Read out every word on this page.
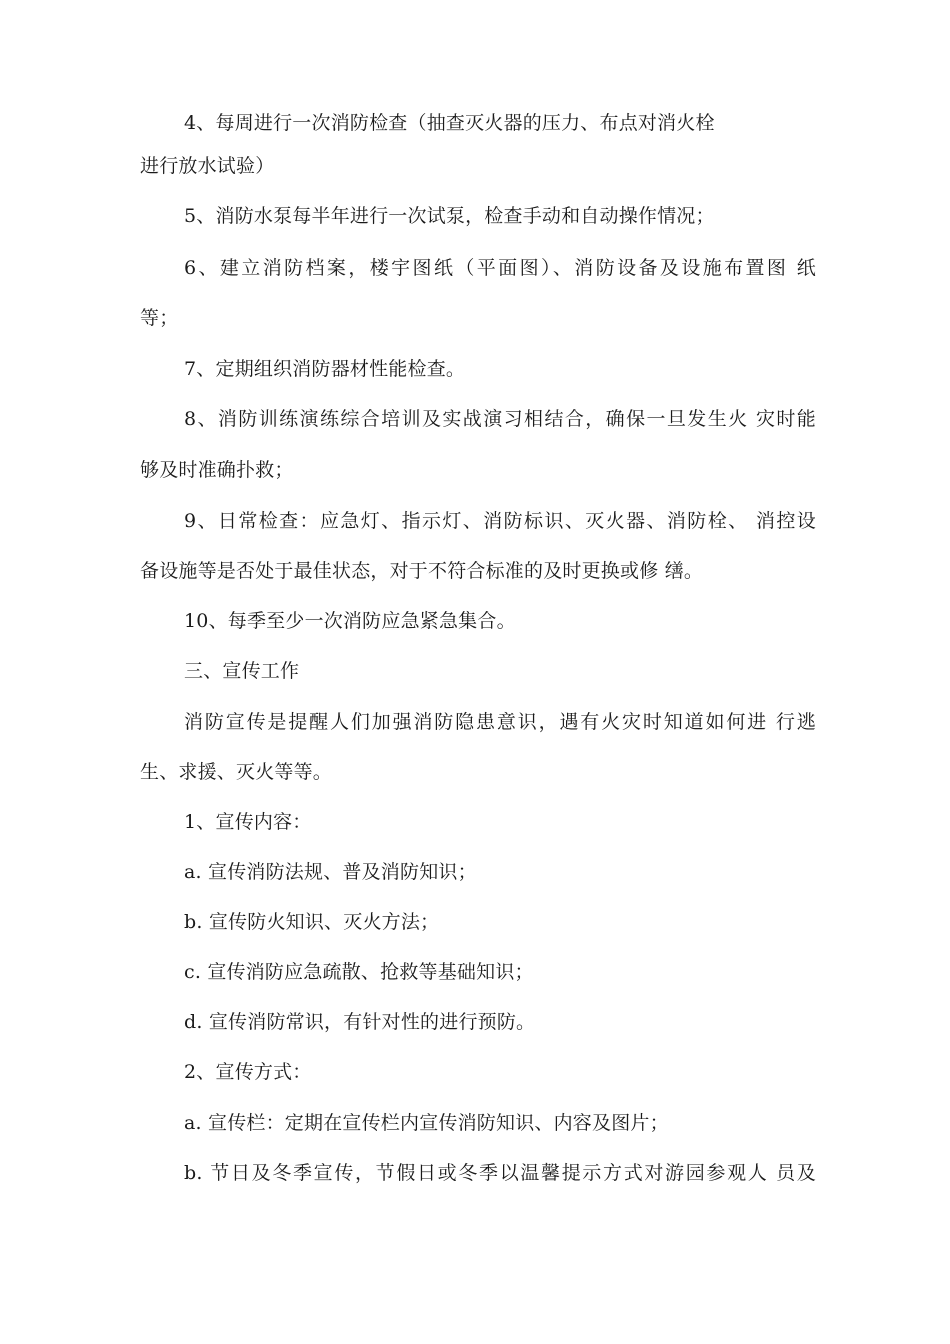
4、每周进行一次消防检查（抽查灭火器的压力、布点对消火栓
进行放水试验）
5、消防水泵每半年进行一次试泵，检查手动和自动操作情况；
6、建立消防档案，楼宇图纸（平面图）、消防设备及设施布置图 纸
等；
7、定期组织消防器材性能检查。
8、消防训练演练综合培训及实战演习相结合，确保一旦发生火 灾时能
够及时准确扑救；
9、日常检查：应急灯、指示灯、消防标识、灭火器、消防栓、 消控设
备设施等是否处于最佳状态，对于不符合标准的及时更换或修 缮。
10、每季至少一次消防应急紧急集合。
三、宣传工作
消防宣传是提醒人们加强消防隐患意识，遇有火灾时知道如何进 行逃
生、求援、灭火等等。
1、宣传内容：
a. 宣传消防法规、普及消防知识；
b. 宣传防火知识、灭火方法；
c. 宣传消防应急疏散、抢救等基础知识；
d. 宣传消防常识，有针对性的进行预防。
2、宣传方式：
a. 宣传栏：定期在宣传栏内宣传消防知识、内容及图片；
b. 节日及冬季宣传，节假日或冬季以温馨提示方式对游园参观人 员及
